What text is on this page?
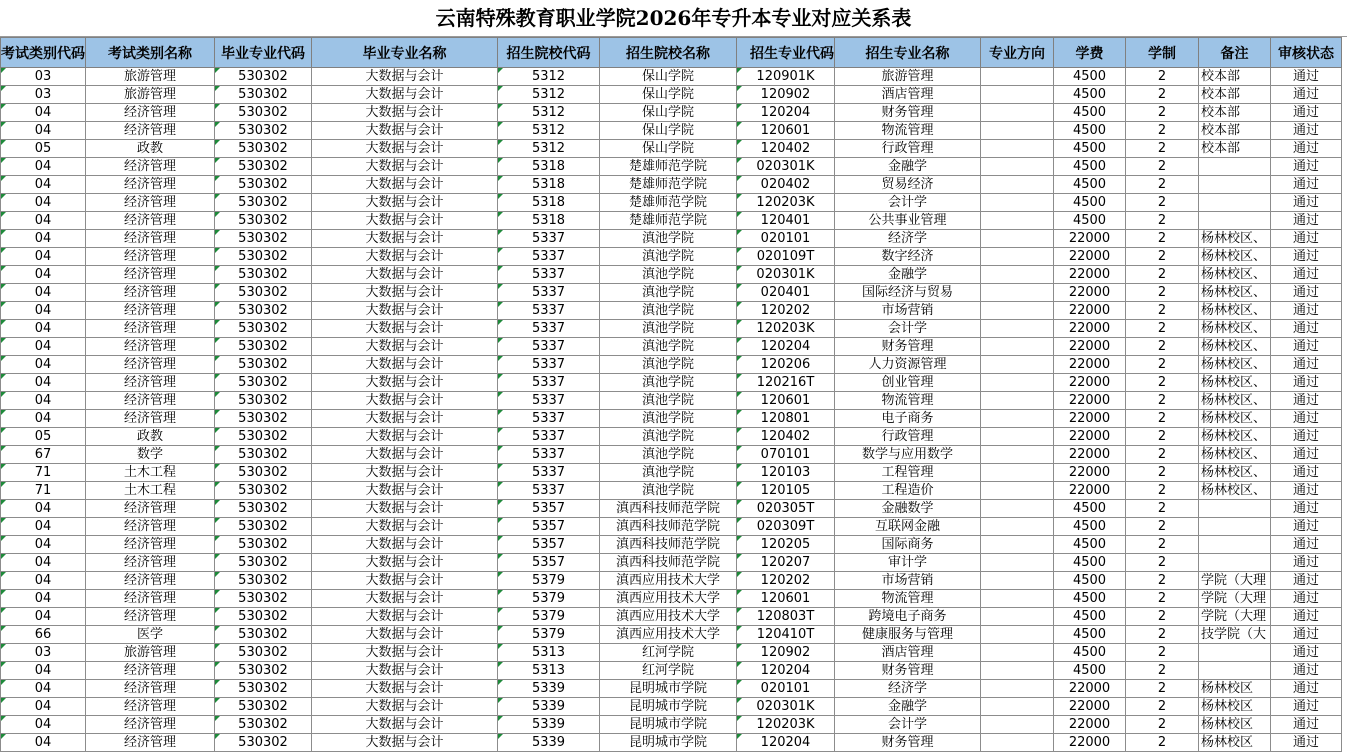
云南特殊教育职业学院2026年专升本专业对应关系表
考试类别代码	考试类别名称	毕业专业代码	毕业专业名称	招生院校代码	招生院校名称	招生专业代码	招生专业名称	专业方向	学费	学制	备注	审核状态
03	旅游管理	530302	大数据与会计	5312	保山学院	120901K	旅游管理		4500	2	校本部	通过
03	旅游管理	530302	大数据与会计	5312	保山学院	120902	酒店管理		4500	2	校本部	通过
04	经济管理	530302	大数据与会计	5312	保山学院	120204	财务管理		4500	2	校本部	通过
04	经济管理	530302	大数据与会计	5312	保山学院	120601	物流管理		4500	2	校本部	通过
05	政教	530302	大数据与会计	5312	保山学院	120402	行政管理		4500	2	校本部	通过
04	经济管理	530302	大数据与会计	5318	楚雄师范学院	020301K	金融学		4500	2		通过
04	经济管理	530302	大数据与会计	5318	楚雄师范学院	020402	贸易经济		4500	2		通过
04	经济管理	530302	大数据与会计	5318	楚雄师范学院	120203K	会计学		4500	2		通过
04	经济管理	530302	大数据与会计	5318	楚雄师范学院	120401	公共事业管理		4500	2		通过
04	经济管理	530302	大数据与会计	5337	滇池学院	020101	经济学		22000	2	杨林校区、	通过
04	经济管理	530302	大数据与会计	5337	滇池学院	020109T	数字经济		22000	2	杨林校区、	通过
04	经济管理	530302	大数据与会计	5337	滇池学院	020301K	金融学		22000	2	杨林校区、	通过
04	经济管理	530302	大数据与会计	5337	滇池学院	020401	国际经济与贸易		22000	2	杨林校区、	通过
04	经济管理	530302	大数据与会计	5337	滇池学院	120202	市场营销		22000	2	杨林校区、	通过
04	经济管理	530302	大数据与会计	5337	滇池学院	120203K	会计学		22000	2	杨林校区、	通过
04	经济管理	530302	大数据与会计	5337	滇池学院	120204	财务管理		22000	2	杨林校区、	通过
04	经济管理	530302	大数据与会计	5337	滇池学院	120206	人力资源管理		22000	2	杨林校区、	通过
04	经济管理	530302	大数据与会计	5337	滇池学院	120216T	创业管理		22000	2	杨林校区、	通过
04	经济管理	530302	大数据与会计	5337	滇池学院	120601	物流管理		22000	2	杨林校区、	通过
04	经济管理	530302	大数据与会计	5337	滇池学院	120801	电子商务		22000	2	杨林校区、	通过
05	政教	530302	大数据与会计	5337	滇池学院	120402	行政管理		22000	2	杨林校区、	通过
67	数学	530302	大数据与会计	5337	滇池学院	070101	数学与应用数学		22000	2	杨林校区、	通过
71	土木工程	530302	大数据与会计	5337	滇池学院	120103	工程管理		22000	2	杨林校区、	通过
71	土木工程	530302	大数据与会计	5337	滇池学院	120105	工程造价		22000	2	杨林校区、	通过
04	经济管理	530302	大数据与会计	5357	滇西科技师范学院	020305T	金融数学		4500	2		通过
04	经济管理	530302	大数据与会计	5357	滇西科技师范学院	020309T	互联网金融		4500	2		通过
04	经济管理	530302	大数据与会计	5357	滇西科技师范学院	120205	国际商务		4500	2		通过
04	经济管理	530302	大数据与会计	5357	滇西科技师范学院	120207	审计学		4500	2		通过
04	经济管理	530302	大数据与会计	5379	滇西应用技术大学	120202	市场营销		4500	2	学院（大理	通过
04	经济管理	530302	大数据与会计	5379	滇西应用技术大学	120601	物流管理		4500	2	学院（大理	通过
04	经济管理	530302	大数据与会计	5379	滇西应用技术大学	120803T	跨境电子商务		4500	2	学院（大理	通过
66	医学	530302	大数据与会计	5379	滇西应用技术大学	120410T	健康服务与管理		4500	2	技学院（大	通过
03	旅游管理	530302	大数据与会计	5313	红河学院	120902	酒店管理		4500	2		通过
04	经济管理	530302	大数据与会计	5313	红河学院	120204	财务管理		4500	2		通过
04	经济管理	530302	大数据与会计	5339	昆明城市学院	020101	经济学		22000	2	杨林校区	通过
04	经济管理	530302	大数据与会计	5339	昆明城市学院	020301K	金融学		22000	2	杨林校区	通过
04	经济管理	530302	大数据与会计	5339	昆明城市学院	120203K	会计学		22000	2	杨林校区	通过
04	经济管理	530302	大数据与会计	5339	昆明城市学院	120204	财务管理		22000	2	杨林校区	通过
